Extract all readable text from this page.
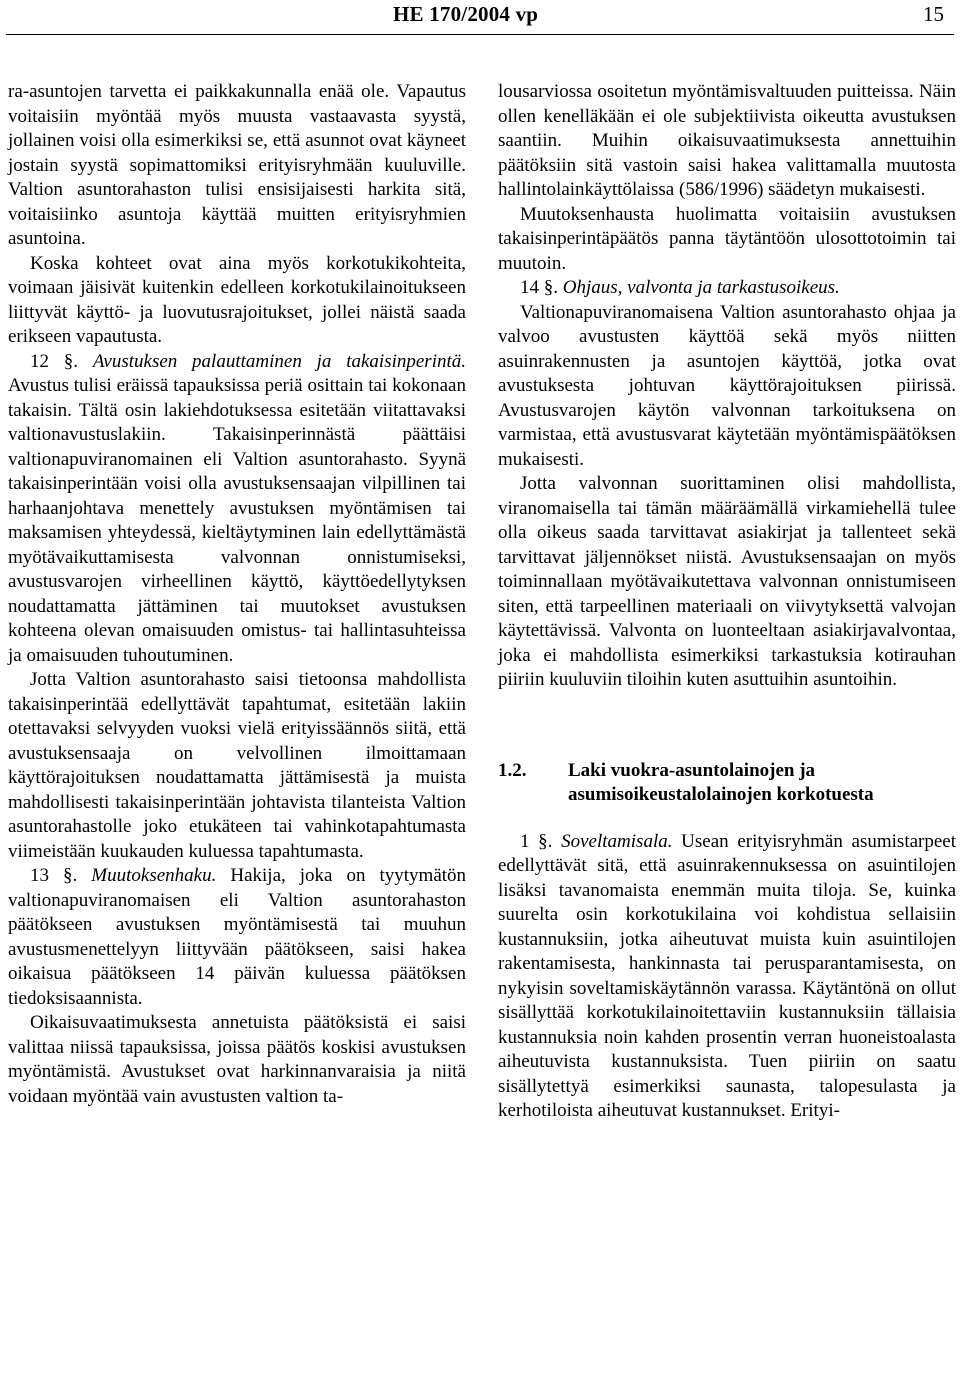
HE 170/2004 vp	15

ra-asuntojen tarvetta ei paikkakunnalla enää ole. Vapautus voitaisiin myöntää myös muusta vastaavasta syystä, jollainen voisi olla esimerkiksi se, että asunnot ovat käyneet jostain syystä sopimattomiksi erityisryhmään kuuluville. Valtion asuntorahaston tulisi ensisijaisesti harkita sitä, voitaisiinko asuntoja käyttää muitten erityisryhmien asuntoina.

Koska kohteet ovat aina myös korkotukikohteita, voimaan jäisivät kuitenkin edelleen korkotukilainoitukseen liittyvät käyttö- ja luovutusrajoitukset, jollei näistä saada erikseen vapautusta.

12 §. Avustuksen palauttaminen ja takaisinperintä. Avustus tulisi eräissä tapauksissa periä osittain tai kokonaan takaisin. Tältä osin lakiehdotuksessa esitetään viitattavaksi valtionavustuslakiin. Takaisinperinnästä päättäisi valtionapuviranomainen eli Valtion asuntorahasto. Syynä takaisinperintään voisi olla avustuksensaajan vilpillinen tai harhaanjohtava menettely avustuksen myöntämisen tai maksamisen yhteydessä, kieltäytyminen lain edellyttämästä myötävaikuttamisesta valvonnan onnistumiseksi, avustusvarojen virheellinen käyttö, käyttöedellytyksen noudattamatta jättäminen tai muutokset avustuksen kohteena olevan omaisuuden omistus- tai hallintasuhteissa ja omaisuuden tuhoutuminen.

Jotta Valtion asuntorahasto saisi tietoonsa mahdollista takaisinperintää edellyttävät tapahtumat, esitetään lakiin otettavaksi selvyyden vuoksi vielä erityissäännös siitä, että avustuksensaaja on velvollinen ilmoittamaan käyttörajoituksen noudattamatta jättämisestä ja muista mahdollisesti takaisinperintään johtavista tilanteista Valtion asuntorahastolle joko etukäteen tai vahinkotapahtumasta viimeistään kuukauden kuluessa tapahtumasta.

13 §. Muutoksenhaku. Hakija, joka on tyytymätön valtionapuviranomaisen eli Valtion asuntorahaston päätökseen avustuksen myöntämisestä tai muuhun avustusmenettelyyn liittyvään päätökseen, saisi hakea oikaisua päätökseen 14 päivän kuluessa päätöksen tiedoksisaannista.

Oikaisuvaatimuksesta annetuista päätöksistä ei saisi valittaa niissä tapauksissa, joissa päätös koskisi avustuksen myöntämistä. Avustukset ovat harkinnanvaraisia ja niitä voidaan myöntää vain avustusten valtion ta-

lousarviossa osoitetun myöntämisvaltuuden puitteissa. Näin ollen kenelläkään ei ole subjektiivista oikeutta avustuksen saantiin. Muihin oikaisuvaatimuksesta annettuihin päätöksiin sitä vastoin saisi hakea valittamalla muutosta hallintolainkäyttölaissa (586/1996) säädetyn mukaisesti.

Muutoksenhausta huolimatta voitaisiin avustuksen takaisinperintäpäätös panna täytäntöön ulosottotoimin tai muutoin.

14 §. Ohjaus, valvonta ja tarkastusoikeus.

Valtionapuviranomaisena Valtion asuntorahasto ohjaa ja valvoo avustusten käyttöä sekä myös niitten asuinrakennusten ja asuntojen käyttöä, jotka ovat avustuksesta johtuvan käyttörajoituksen piirissä. Avustusvarojen käytön valvonnan tarkoituksena on varmistaa, että avustusvarat käytetään myöntämispäätöksen mukaisesti.

Jotta valvonnan suorittaminen olisi mahdollista, viranomaisella tai tämän määräämällä virkamiehellä tulee olla oikeus saada tarvittavat asiakirjat ja tallenteet sekä tarvittavat jäljennökset niistä. Avustuksensaajan on myös toiminnallaan myötävaikutettava valvonnan onnistumiseen siten, että tarpeellinen materiaali on viivytyksettä valvojan käytettävissä. Valvonta on luonteeltaan asiakirjavalvontaa, joka ei mahdollista esimerkiksi tarkastuksia kotirauhan piiriin kuuluviin tiloihin kuten asuttuihin asuntoihin.

1.2.	Laki vuokra-asuntolainojen ja asumisoikeustalolainojen korkotuesta

1 §. Soveltamisala. Usean erityisryhmän asumistarpeet edellyttävät sitä, että asuinrakennuksessa on asuintilojen lisäksi tavanomaista enemmän muita tiloja. Se, kuinka suurelta osin korkotukilaina voi kohdistua sellaisiin kustannuksiin, jotka aiheutuvat muista kuin asuintilojen rakentamisesta, hankinnasta tai perusparantamisesta, on nykyisin soveltamiskäytännön varassa. Käytäntönä on ollut sisällyttää korkotukilainoitettaviin kustannuksiin tällaisia kustannuksia noin kahden prosentin verran huoneistoalasta aiheutuvista kustannuksista. Tuen piiriin on saatu sisällytettyä esimerkiksi saunasta, talopesulasta ja kerhotiloista aiheutuvat kustannukset. Erityi-
